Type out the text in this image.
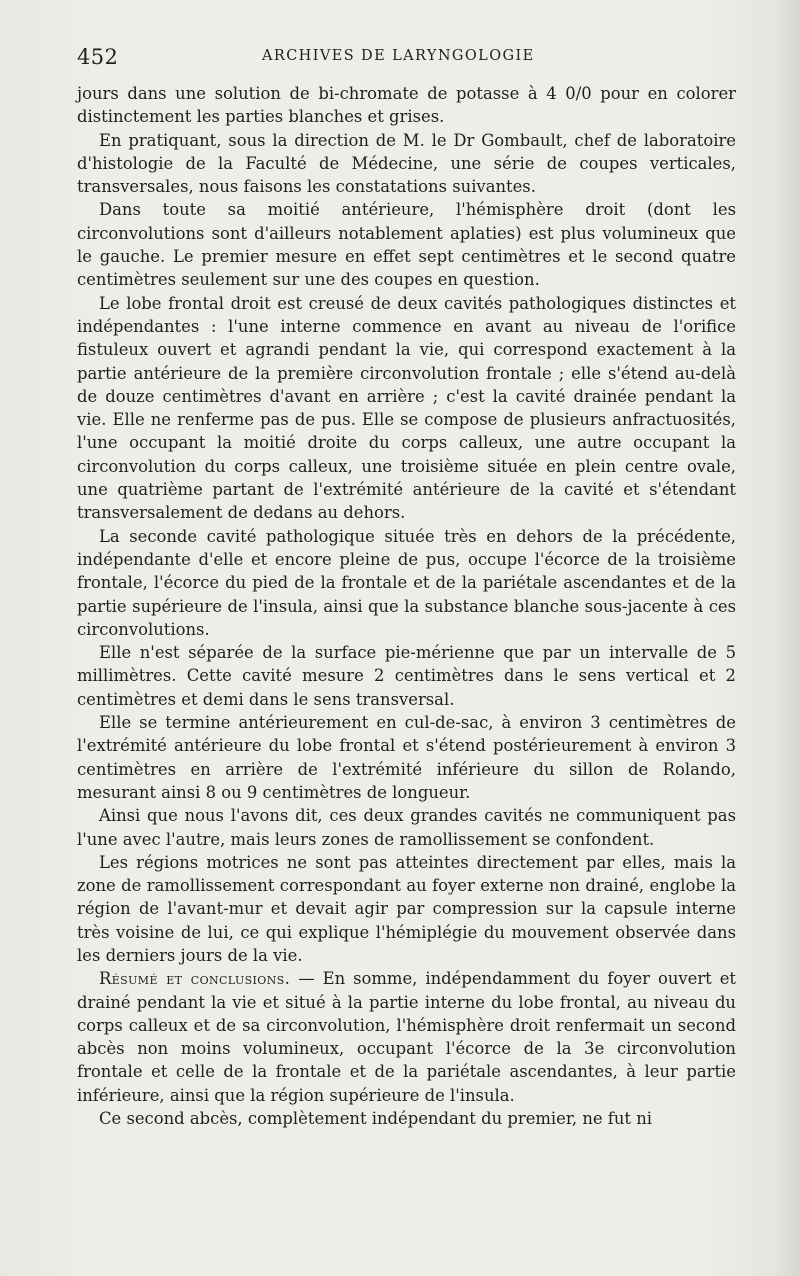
452	ARCHIVES DE LARYNGOLOGIE

jours dans une solution de bi-chromate de potasse à 4 0/0 pour en colorer distinctement les parties blanches et grises.

En pratiquant, sous la direction de M. le Dr Gombault, chef de laboratoire d'histologie de la Faculté de Médecine, une série de coupes verticales, transversales, nous faisons les constatations suivantes.

Dans toute sa moitié antérieure, l'hémisphère droit (dont les circonvolutions sont d'ailleurs notablement aplaties) est plus volumineux que le gauche. Le premier mesure en effet sept centimètres et le second quatre centimètres seulement sur une des coupes en question.

Le lobe frontal droit est creusé de deux cavités pathologiques distinctes et indépendantes : l'une interne commence en avant au niveau de l'orifice fistuleux ouvert et agrandi pendant la vie, qui correspond exactement à la partie antérieure de la première circonvolution frontale ; elle s'étend au-delà de douze centimètres d'avant en arrière ; c'est la cavité drainée pendant la vie. Elle ne renferme pas de pus. Elle se compose de plusieurs anfractuosités, l'une occupant la moitié droite du corps calleux, une autre occupant la circonvolution du corps calleux, une troisième située en plein centre ovale, une quatrième partant de l'extrémité antérieure de la cavité et s'étendant transversalement de dedans au dehors.

La seconde cavité pathologique située très en dehors de la précédente, indépendante d'elle et encore pleine de pus, occupe l'écorce de la troisième frontale, l'écorce du pied de la frontale et de la pariétale ascendantes et de la partie supérieure de l'insula, ainsi que la substance blanche sous-jacente à ces circonvolutions.

Elle n'est séparée de la surface pie-mérienne que par un intervalle de 5 millimètres. Cette cavité mesure 2 centimètres dans le sens vertical et 2 centimètres et demi dans le sens transversal.

Elle se termine antérieurement en cul-de-sac, à environ 3 centimètres de l'extrémité antérieure du lobe frontal et s'étend postérieurement à environ 3 centimètres en arrière de l'extrémité inférieure du sillon de Rolando, mesurant ainsi 8 ou 9 centimètres de longueur.

Ainsi que nous l'avons dit, ces deux grandes cavités ne communiquent pas l'une avec l'autre, mais leurs zones de ramollissement se confondent.

Les régions motrices ne sont pas atteintes directement par elles, mais la zone de ramollissement correspondant au foyer externe non drainé, englobe la région de l'avant-mur et devait agir par compression sur la capsule interne très voisine de lui, ce qui explique l'hémiplégie du mouvement observée dans les derniers jours de la vie.

Résumé et conclusions. — En somme, indépendamment du foyer ouvert et drainé pendant la vie et situé à la partie interne du lobe frontal, au niveau du corps calleux et de sa circonvolution, l'hémisphère droit renfermait un second abcès non moins volumineux, occupant l'écorce de la 3e circonvolution frontale et celle de la frontale et de la pariétale ascendantes, à leur partie inférieure, ainsi que la région supérieure de l'insula.

Ce second abcès, complètement indépendant du premier, ne fut ni
